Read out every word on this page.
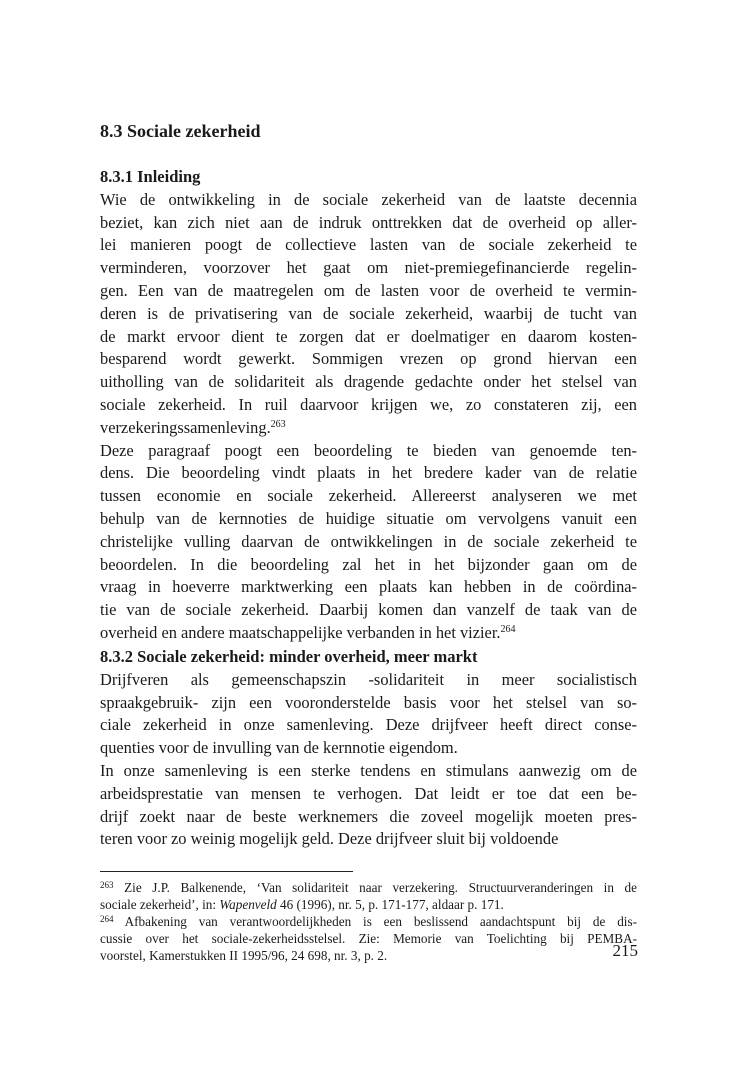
8.3 Sociale zekerheid
8.3.1 Inleiding
Wie de ontwikkeling in de sociale zekerheid van de laatste decennia
beziet, kan zich niet aan de indruk onttrekken dat de overheid op aller-
lei manieren poogt de collectieve lasten van de sociale zekerheid te
verminderen, voorzover het gaat om niet-premiegefinancierde regelin-
gen. Een van de maatregelen om de lasten voor de overheid te vermin-
deren is de privatisering van de sociale zekerheid, waarbij de tucht van
de markt ervoor dient te zorgen dat er doelmatiger en daarom kosten-
besparend wordt gewerkt. Sommigen vrezen op grond hiervan een
uitholling van de solidariteit als dragende gedachte onder het stelsel van
sociale zekerheid. In ruil daarvoor krijgen we, zo constateren zij, een
verzekeringssamenleving.$^{263}$
Deze paragraaf poogt een beoordeling te bieden van genoemde ten-
dens. Die beoordeling vindt plaats in het bredere kader van de relatie
tussen economie en sociale zekerheid. Allereerst analyseren we met
behulp van de kernnoties de huidige situatie om vervolgens vanuit een
christelijke vulling daarvan de ontwikkelingen in de sociale zekerheid te
beoordelen. In die beoordeling zal het in het bijzonder gaan om de
vraag in hoeverre marktwerking een plaats kan hebben in de coördina-
tie van de sociale zekerheid. Daarbij komen dan vanzelf de taak van de
overheid en andere maatschappelijke verbanden in het vizier.$^{264}$
8.3.2 Sociale zekerheid: minder overheid, meer markt
Drijfveren als gemeenschapszin -solidariteit in meer socialistisch
spraakgebruik- zijn een vooronderstelde basis voor het stelsel van so-
ciale zekerheid in onze samenleving. Deze drijfveer heeft direct conse-
quenties voor de invulling van de kernnotie eigendom.
In onze samenleving is een sterke tendens en stimulans aanwezig om de
arbeidsprestatie van mensen te verhogen. Dat leidt er toe dat een be-
drijf zoekt naar de beste werknemers die zoveel mogelijk moeten pres-
teren voor zo weinig mogelijk geld. Deze drijfveer sluit bij voldoende
$^{263}$ Zie J.P. Balkenende, ‘Van solidariteit naar verzekering. Structuurveranderingen in de
sociale zekerheid’, in: Wapenveld 46 (1996), nr. 5, p. 171-177, aldaar p. 171.
$^{264}$ Afbakening van verantwoordelijkheden is een beslissend aandachtspunt bij de dis-
cussie over het sociale-zekerheidsstelsel. Zie: Memorie van Toelichting bij PEMBA-
voorstel, Kamerstukken II 1995/96, 24 698, nr. 3, p. 2.	215
